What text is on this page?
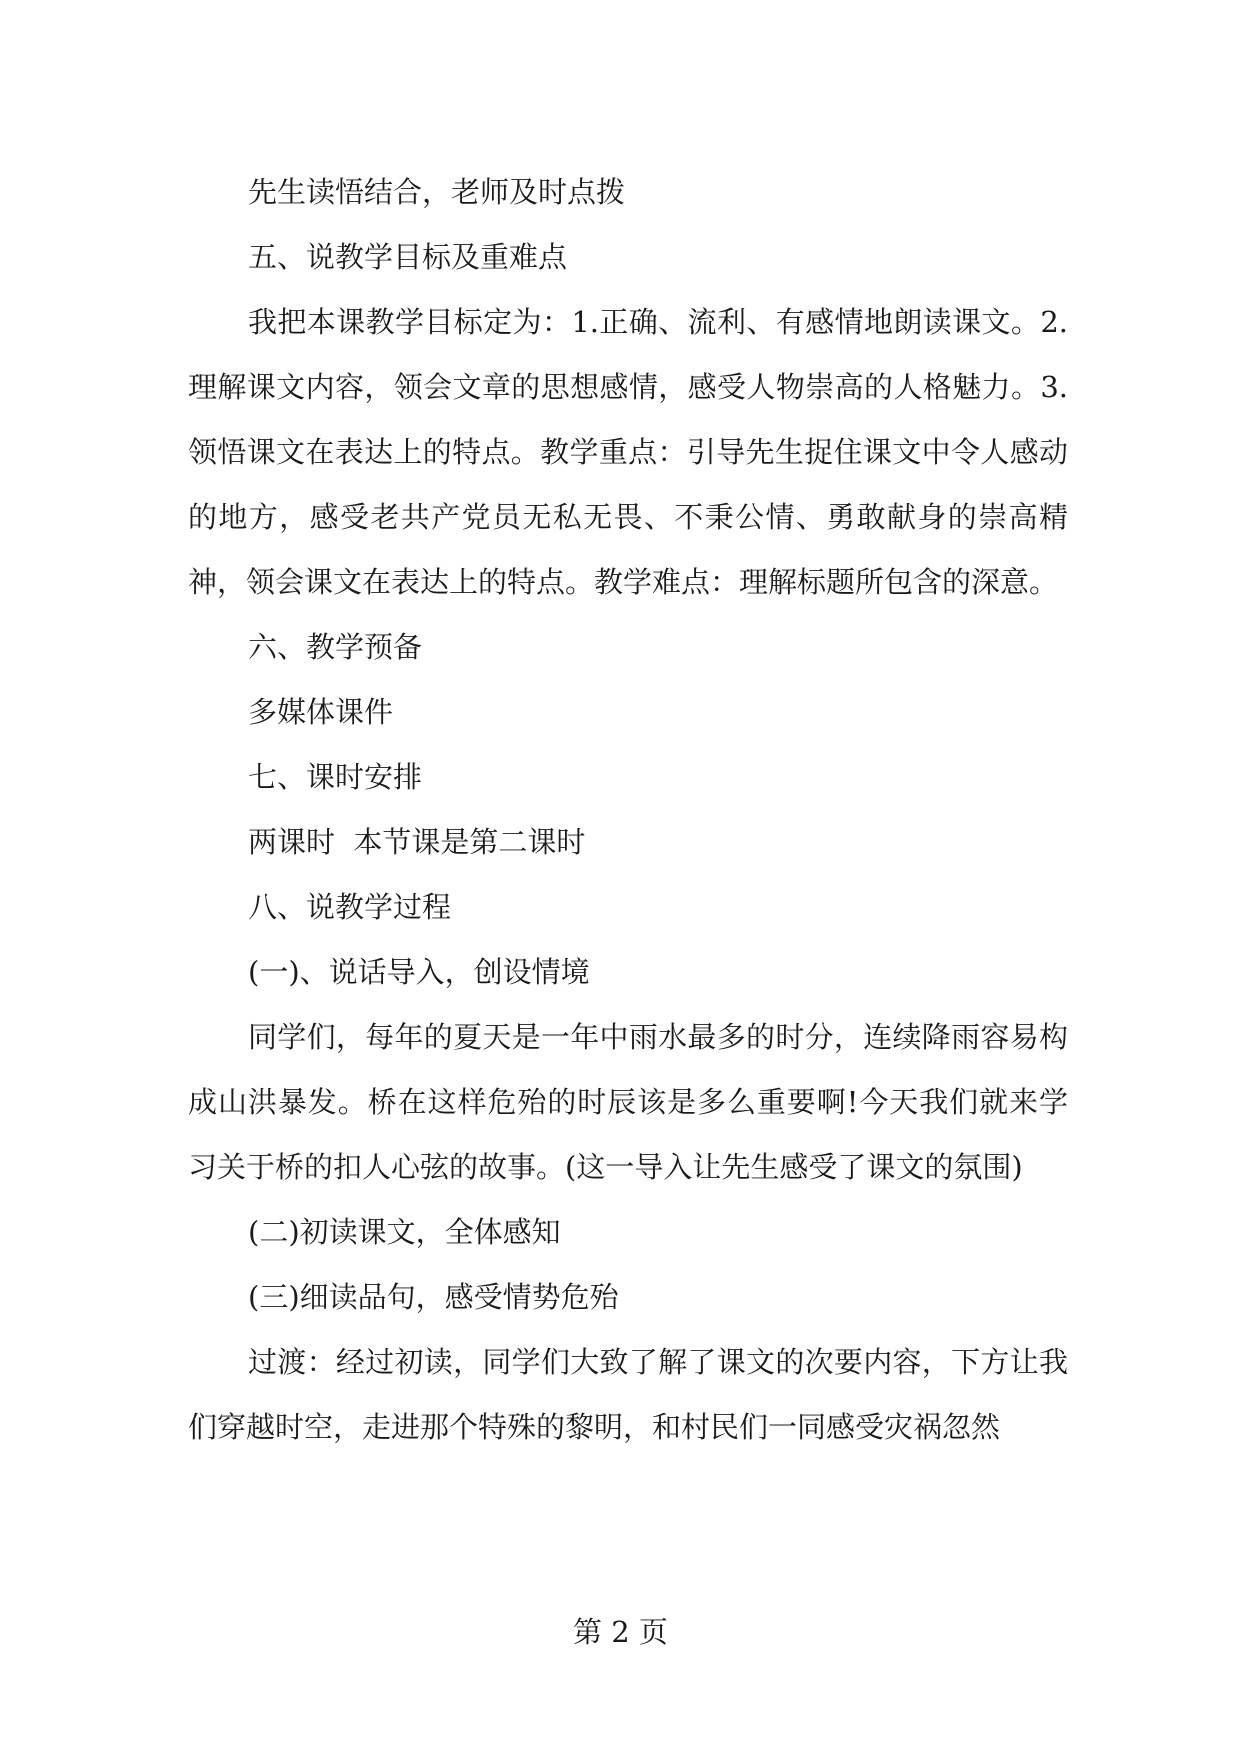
先生读悟结合，老师及时点拨

五、说教学目标及重难点

我把本课教学目标定为：1.正确、流利、有感情地朗读课文。2.理解课文内容，领会文章的思想感情，感受人物崇高的人格魅力。3.领悟课文在表达上的特点。教学重点：引导先生捉住课文中令人感动的地方，感受老共产党员无私无畏、不秉公情、勇敢献身的崇高精神，领会课文在表达上的特点。教学难点：理解标题所包含的深意。

六、教学预备

多媒体课件

七、课时安排

两课时  本节课是第二课时

八、说教学过程

(一)、说话导入，创设情境

同学们，每年的夏天是一年中雨水最多的时分，连续降雨容易构成山洪暴发。桥在这样危殆的时辰该是多么重要啊!今天我们就来学习关于桥的扣人心弦的故事。(这一导入让先生感受了课文的氛围)

(二)初读课文，全体感知

(三)细读品句，感受情势危殆

过渡：经过初读，同学们大致了解了课文的次要内容，下方让我们穿越时空，走进那个特殊的黎明，和村民们一同感受灾祸忽然

第 2 页
